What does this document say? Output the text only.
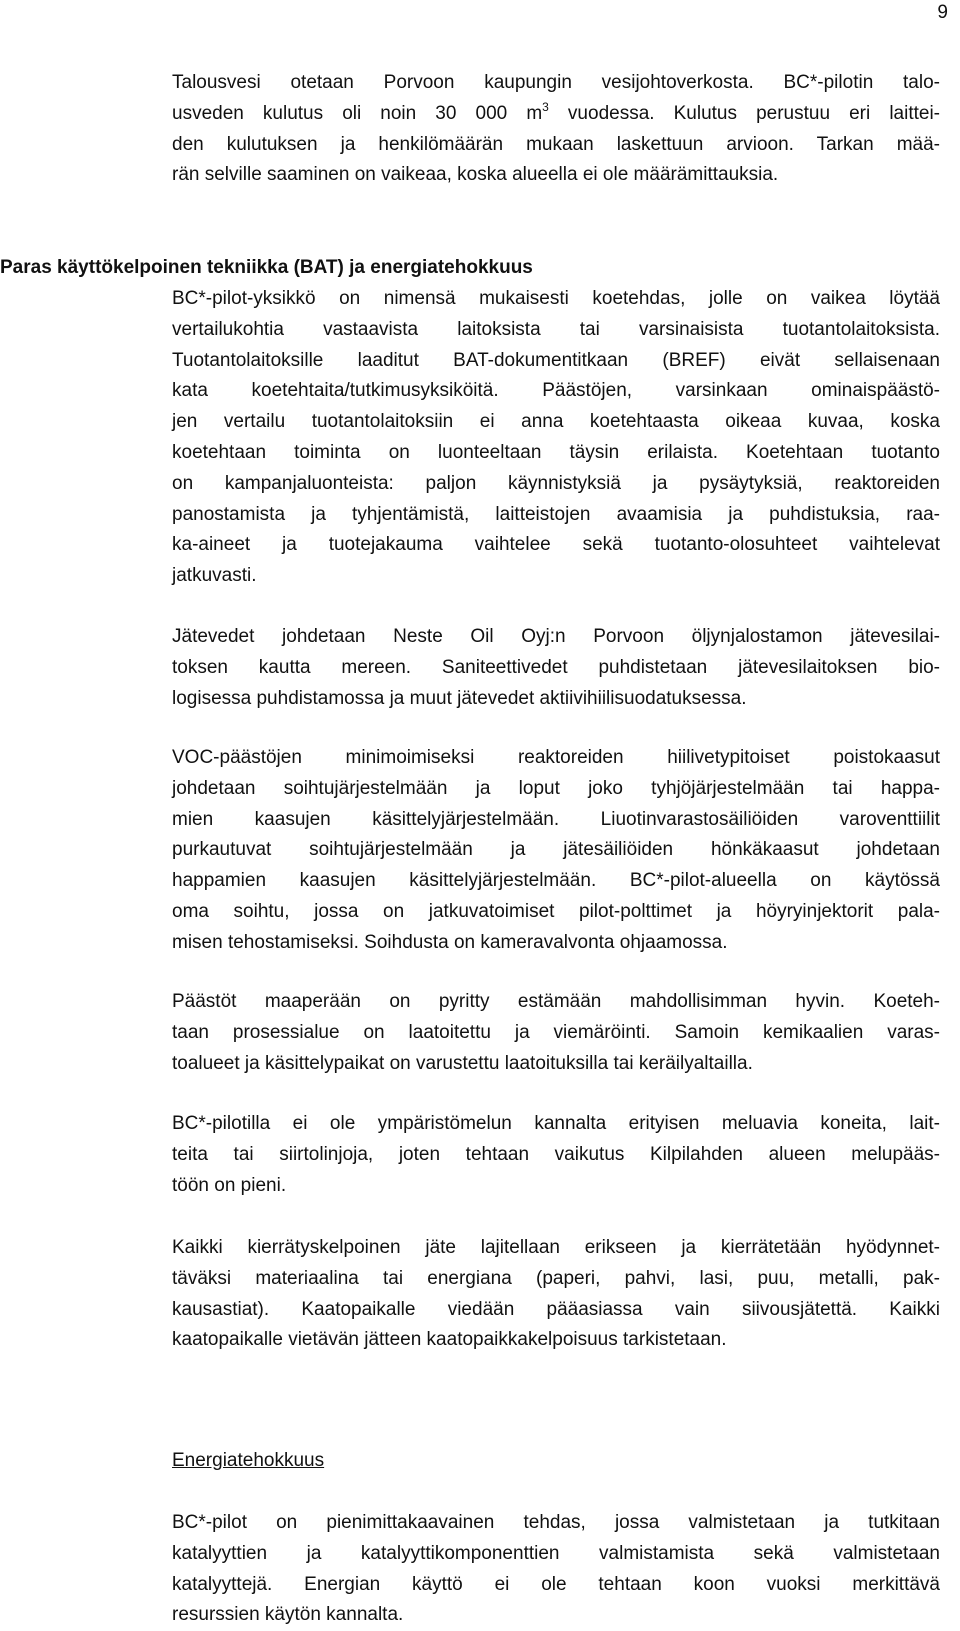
9
Talousvesi otetaan Porvoon kaupungin vesijohtoverkosta. BC*-pilotin talo-
usveden kulutus oli noin 30 000 $m^3$ vuodessa. Kulutus perustuu eri laittei-
den kulutuksen ja henkilömäärän mukaan laskettuun arvioon. Tarkan mää-
rän selville saaminen on vaikeaa, koska alueella ei ole määrämittauksia.
Paras käyttökelpoinen tekniikka (BAT) ja energiatehokkuus
BC*-pilot-yksikkö on nimensä mukaisesti koetehdas, jolle on vaikea löytää
vertailukohtia vastaavista laitoksista tai varsinaisista tuotantolaitoksista.
Tuotantolaitoksille laaditut BAT-dokumentitkaan (BREF) eivät sellaisenaan
kata koetehtaita/tutkimusyksiköitä. Päästöjen, varsinkaan ominaispäästö-
jen vertailu tuotantolaitoksiin ei anna koetehtaasta oikeaa kuvaa, koska
koetehtaan toiminta on luonteeltaan täysin erilaista. Koetehtaan tuotanto
on kampanjaluonteista: paljon käynnistyksiä ja pysäytyksiä, reaktoreiden
panostamista ja tyhjentämistä, laitteistojen avaamisia ja puhdistuksia, raa-
ka-aineet ja tuotejakauma vaihtelee sekä tuotanto-olosuhteet vaihtelevat
jatkuvasti.
Jätevedet johdetaan Neste Oil Oyj:n Porvoon öljynjalostamon jätevesilai-
toksen kautta mereen. Saniteettivedet puhdistetaan jätevesilaitoksen bio-
logisessa puhdistamossa ja muut jätevedet aktiivihiilisuodatuksessa.
VOC-päästöjen minimoimiseksi reaktoreiden hiilivetypitoiset poistokaasut
johdetaan soihtujärjestelmään ja loput joko tyhjöjärjestelmään tai happa-
mien kaasujen käsittelyjärjestelmään. Liuotinvarastosäiliöiden varoventtiilit
purkautuvat soihtujärjestelmään ja jätesäiliöiden hönkäkaasut johdetaan
happamien kaasujen käsittelyjärjestelmään. BC*-pilot-alueella on käytössä
oma soihtu, jossa on jatkuvatoimiset pilot-polttimet ja höyryinjektorit pala-
misen tehostamiseksi. Soihdusta on kameravalvonta ohjaamossa.
Päästöt maaperään on pyritty estämään mahdollisimman hyvin. Koeteh-
taan prosessialue on laatoitettu ja viemäröinti. Samoin kemikaalien varas-
toalueet ja käsittelypaikat on varustettu laatoituksilla tai keräilyaltailla.
BC*-pilotilla ei ole ympäristömelun kannalta erityisen meluavia koneita, lait-
teita tai siirtolinjoja, joten tehtaan vaikutus Kilpilahden alueen melupääs-
töön on pieni.
Kaikki kierrätyskelpoinen jäte lajitellaan erikseen ja kierrätetään hyödynnet-
täväksi materiaalina tai energiana (paperi, pahvi, lasi, puu, metalli, pak-
kausastiat). Kaatopaikalle viedään pääasiassa vain siivousjätettä. Kaikki
kaatopaikalle vietävän jätteen kaatopaikkakelpoisuus tarkistetaan.
Energiatehokkuus
BC*-pilot on pienimittakaavainen tehdas, jossa valmistetaan ja tutkitaan
katalyyttien ja katalyyttikomponenttien valmistamista sekä valmistetaan
katalyyttejä. Energian käyttö ei ole tehtaan koon vuoksi merkittävä
resurssien käytön kannalta.
